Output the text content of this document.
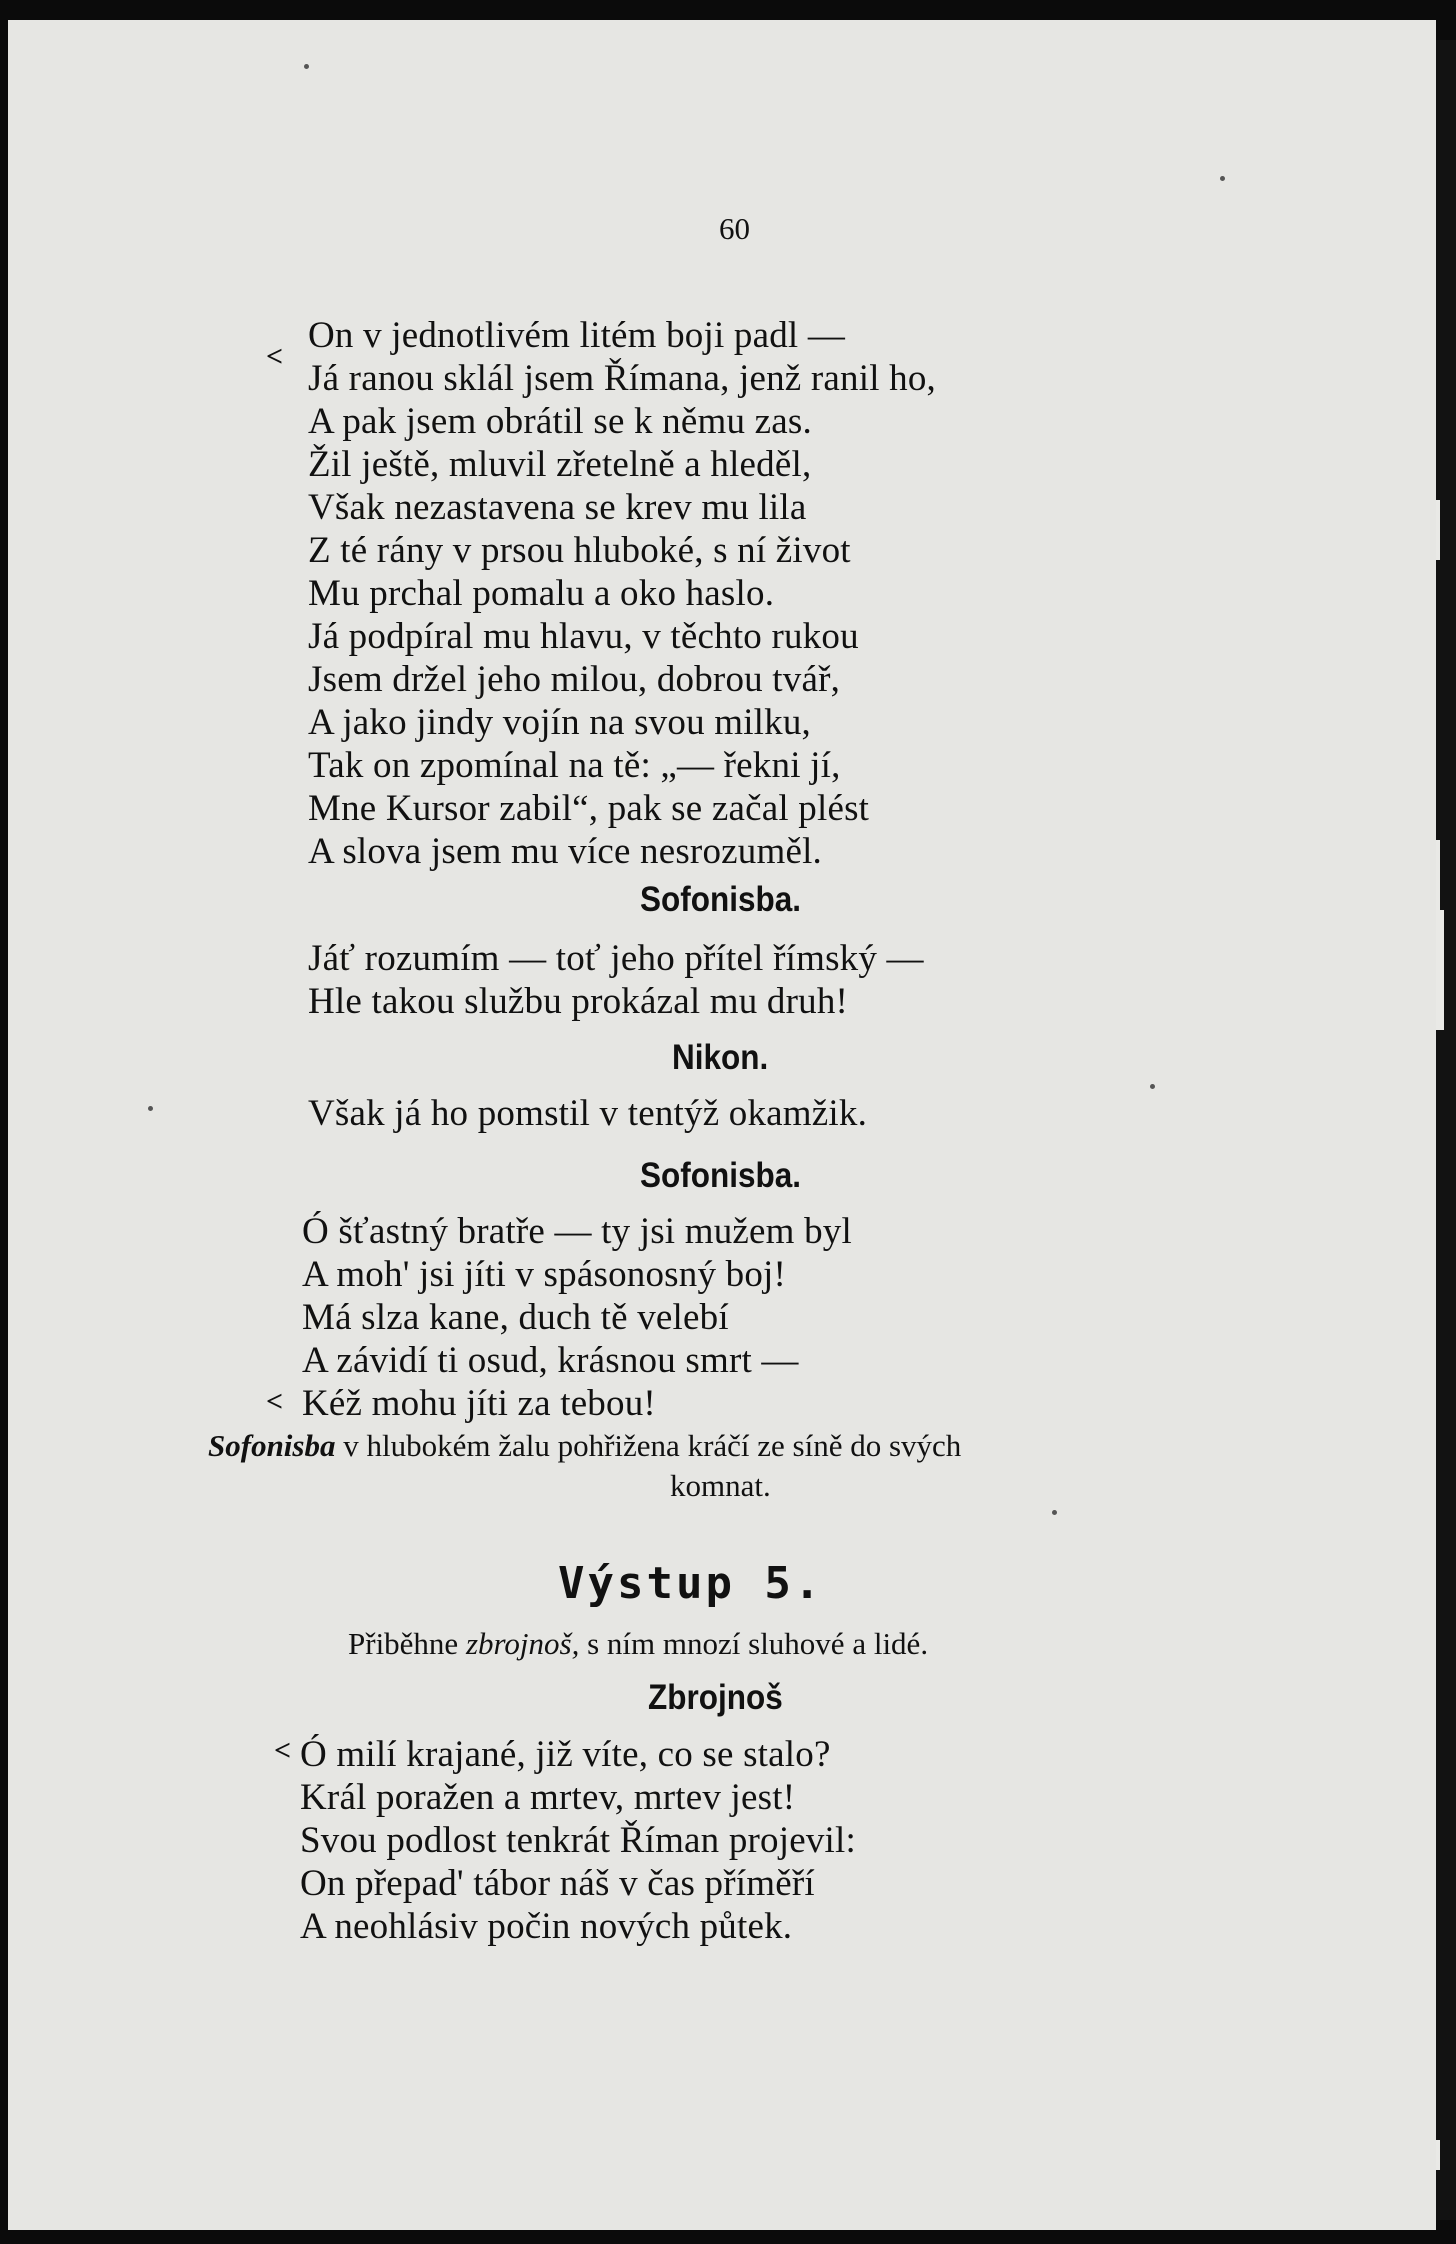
60
<
On v jednotlivém litém boji padl —
Já ranou sklál jsem Římana, jenž ranil ho,
A pak jsem obrátil se k němu zas.
Žil ještě, mluvil zřetelně a hleděl,
Však nezastavena se krev mu lila
Z té rány v prsou hluboké, s ní život
Mu prchal pomalu a oko haslo.
Já podpíral mu hlavu, v těchto rukou
Jsem držel jeho milou, dobrou tvář,
A jako jindy vojín na svou milku,
Tak on zpomínal na tě: „— řekni jí,
Mne Kursor zabil“, pak se začal plést
A slova jsem mu více nesrozuměl.
Sofonisba.
Jáť rozumím — toť jeho přítel římský —
Hle takou službu prokázal mu druh!
Nikon.
Však já ho pomstil v tentýž okamžik.
Sofonisba.
Ó šťastný bratře — ty jsi mužem byl
A moh' jsi jíti v spásonosný boj!
Má slza kane, duch tě velebí
A závidí ti osud, krásnou smrt —
< Kéž mohu jíti za tebou!
Sofonisba v hlubokém žalu pohřižena kráčí ze síně do svých
komnat.
Výstup 5.
Přiběhne zbrojnoš, s ním mnozí sluhové a lidé.
Zbrojnoš
< Ó milí krajané, již víte, co se stalo?
Král poražen a mrtev, mrtev jest!
Svou podlost tenkrát Říman projevil:
On přepad' tábor náš v čas příměří
A neohlásiv počin nových půtek.
